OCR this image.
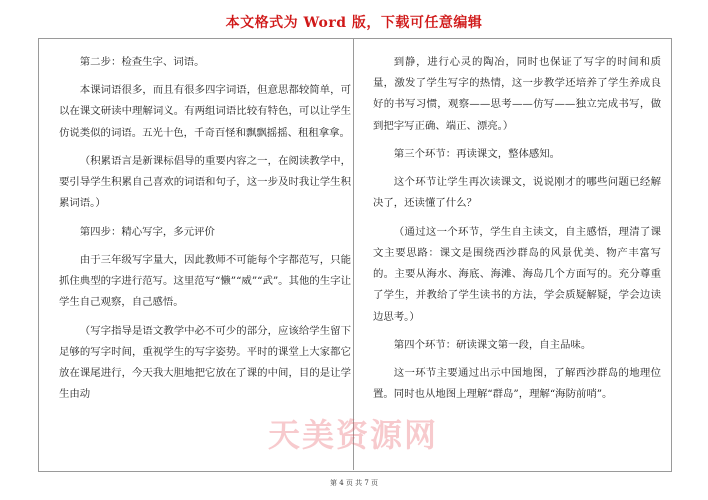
本文格式为 Word 版，下载可任意编辑

第二步：检查生字、词语。

本课词语很多，而且有很多四字词语，但意思都较简单，可以在课文研读中理解词义。有两组词语比较有特色，可以让学生仿说类似的词语。五光十色，千奇百怪和飘飘摇摇、租租拿拿。

（积累语言是新课标倡导的重要内容之一，在阅读教学中，要引导学生积累自己喜欢的词语和句子，这一步及时我让学生积累词语。）

第四步：精心写字，多元评价

由于三年级写字量大，因此教师不可能每个字都范写，只能抓住典型的字进行范写。这里范写“懒”“威”“武”。其他的生字让学生自己观察，自己感悟。

（写字指导是语文教学中必不可少的部分，应该给学生留下足够的写字时间，重视学生的写字姿势。平时的课堂上大家都它放在课尾进行，今天我大胆地把它放在了课的中间，目的是让学生由动

到静，进行心灵的陶冶，同时也保证了写字的时间和质量，激发了学生写字的热情，这一步教学还培养了学生养成良好的书写习惯，观察——思考——仿写——独立完成书写，做到把字写正确、端正、漂亮。）

第三个环节：再读课文，整体感知。

这个环节让学生再次读课文，说说刚才的哪些问题已经解决了，还读懂了什么？

（通过这一个环节，学生自主读文，自主感悟，理清了课文主要思路：课文是围绕西沙群岛的风景优美、物产丰富写的。主要从海水、海底、海滩、海岛几个方面写的。充分尊重了学生，并教给了学生读书的方法，学会质疑解疑，学会边读边思考。）

第四个环节：研读课文第一段，自主品味。

这一环节主要通过出示中国地图，了解西沙群岛的地理位置。同时也从地图上理解“群岛”，理解“海防前哨”。

天美资源网
第 4 页 共 7 页
